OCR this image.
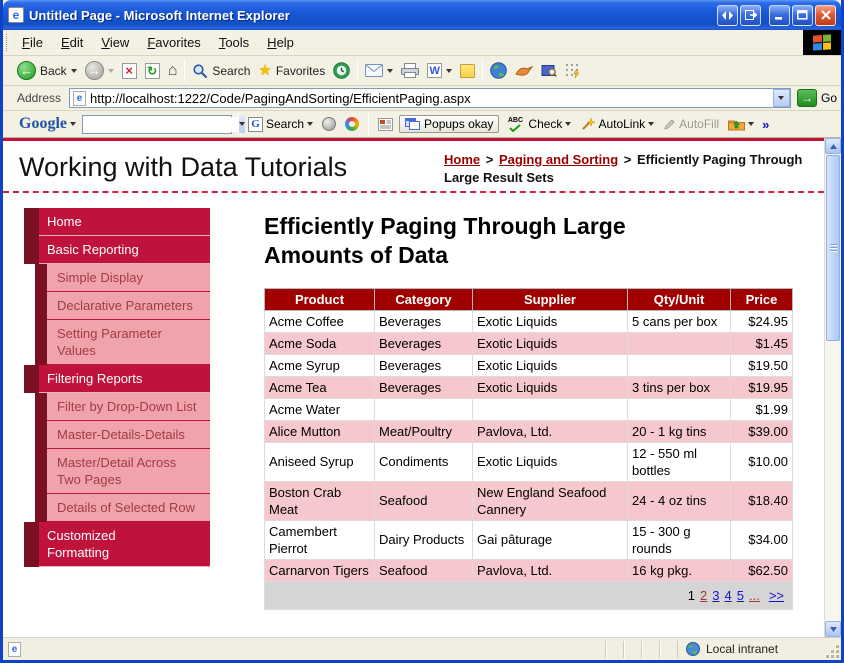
e Untitled Page - Microsoft Internet Explorer
File Edit View Favorites Tools Help
← Back → ×	↻ ⌂	Search ★ Favorites	W
Address	e
http://localhost:1222/Code/PagingAndSorting/EfficientPaging.aspx	→ Go
Google	G Search	Popups okay ABC Check	AutoLink	AutoFill	»
Working with Data Tutorials	Home > Paging and Sorting > Efficiently Paging Through Large Result Sets
Home
Basic Reporting
Simple Display
Declarative Parameters
Setting Parameter Values
Filtering Reports
Filter by Drop-Down List
Master-Details-Details
Master/Detail Across Two Pages
Details of Selected Row
Customized Formatting
Efficiently Paging Through Large Amounts of Data
Product	Category	Supplier	Qty/Unit	Price
Acme Coffee	Beverages	Exotic Liquids	5 cans per box	$24.95
Acme Soda	Beverages	Exotic Liquids		$1.45
Acme Syrup	Beverages	Exotic Liquids		$19.50
Acme Tea	Beverages	Exotic Liquids	3 tins per box	$19.95
Acme Water				$1.99
Alice Mutton	Meat/Poultry	Pavlova, Ltd.	20 - 1 kg tins	$39.00
Aniseed Syrup	Condiments	Exotic Liquids	12 - 550 ml bottles	$10.00
Boston Crab Meat	Seafood	New England Seafood Cannery	24 - 4 oz tins	$18.40
Camembert Pierrot	Dairy Products	Gai pâturage	15 - 300 g rounds	$34.00
Carnarvon Tigers	Seafood	Pavlova, Ltd.	16 kg pkg.	$62.50
1 2 3 4 5 ... >>				
e	Local intranet
